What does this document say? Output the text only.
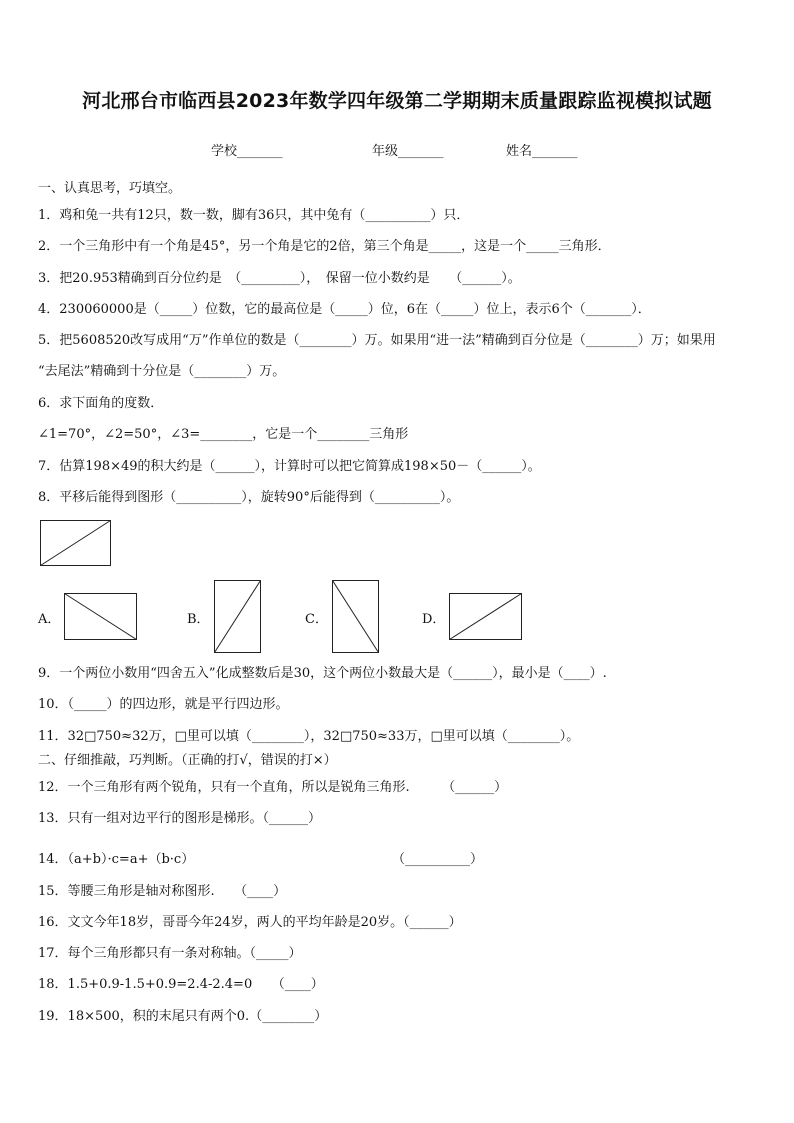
河北邢台市临西县2023年数学四年级第二学期期末质量跟踪监视模拟试题
学校_______	年级_______	姓名_______
一、认真思考，巧填空。
1．鸡和兔一共有12只，数一数，脚有36只，其中兔有（__________）只．
2．一个三角形中有一个角是45°，另一个角是它的2倍，第三个角是_____，这是一个_____三角形．
3．把20.953精确到百分位约是　（_________），　保留一位小数约是　　（______）。
4．230060000是（_____）位数，它的最高位是（_____）位，6在（_____）位上，表示6个（_______）．
5．把5608520改写成用“万”作单位的数是（________）万。如果用“进一法”精确到百分位是（________）万；如果用
“去尾法”精确到十分位是（________）万。
6．求下面角的度数．
∠1=70°，∠2=50°，∠3=________，它是一个________三角形
7．估算198×49的积大约是（______），计算时可以把它简算成198×50－（______）。
8．平移后能得到图形（__________），旋转90°后能得到（__________）。
A．	B．	C．	D．
9．一个两位小数用“四舍五入”化成整数后是30，这个两位小数最大是（______），最小是（____）.
10．（_____）的四边形，就是平行四边形。
11．32□750≈32万，□里可以填（________），32□750≈33万，□里可以填（________）。
二、仔细推敲，巧判断。（正确的打√，错误的打×）
12．一个三角形有两个锐角，只有一个直角，所以是锐角三角形.　　　（______）
13．只有一组对边平行的图形是梯形。（______）
14．（a+b）·c=a+（b·c）	（__________）
15．等腰三角形是轴对称图形.　　（____）
16．文文今年18岁，哥哥今年24岁，两人的平均年龄是20岁。（______）
17．每个三角形都只有一条对称轴。（_____）
18．1.5+0.9-1.5+0.9=2.4-2.4=0　　（____）
19．18×500，积的末尾只有两个0.（________）
